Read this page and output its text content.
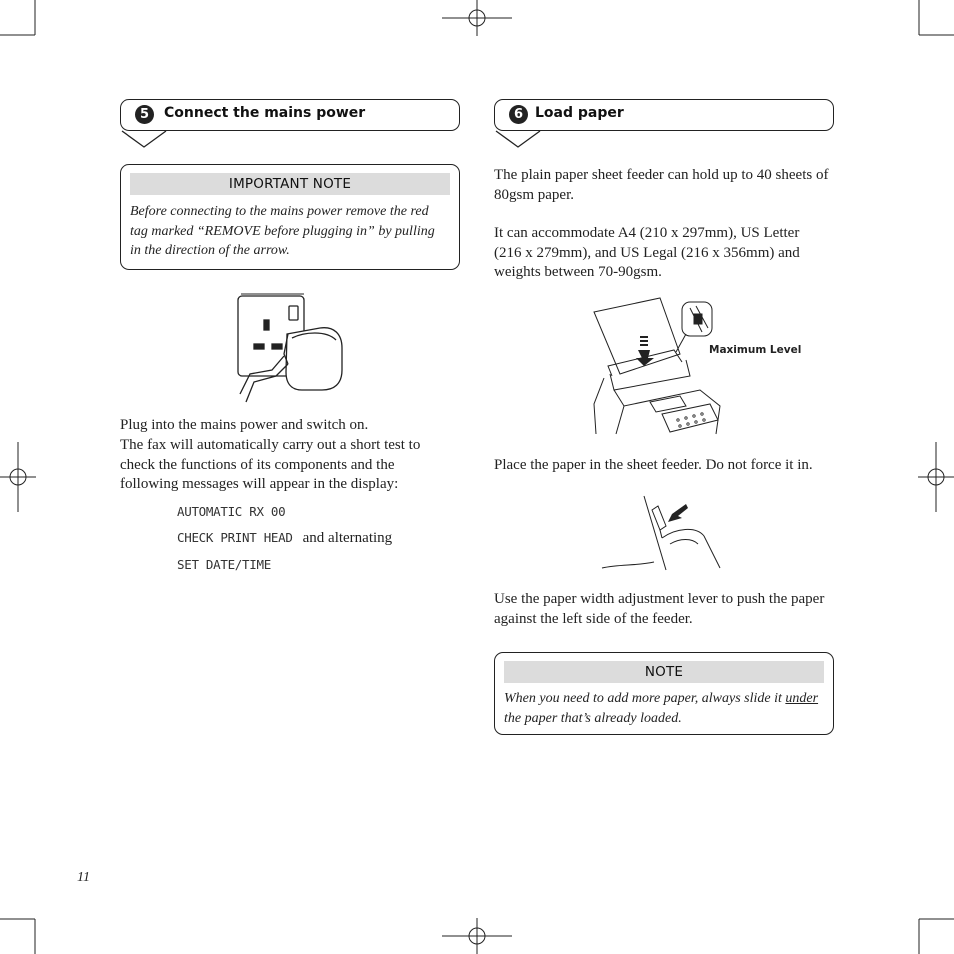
5	Connect the mains power
IMPORTANT NOTE
Before connecting to the mains power remove the red tag marked “REMOVE before plugging in” by pulling in the direction of the arrow.
Plug into the mains power and switch on.
The fax will automatically carry out a short test to check the functions of its components and the following messages will appear in the display:
AUTOMATIC RX 00
CHECK PRINT HEAD and alternating
SET DATE/TIME
6 Load paper
The plain paper sheet feeder can hold up to 40 sheets of 80gsm paper.
It can accommodate A4 (210 x 297mm), US Letter (216 x 279mm), and US Legal (216 x 356mm) and weights between 70-90gsm.
Maximum Level
Place the paper in the sheet feeder. Do not force it in.
Use the paper width adjustment lever to push the paper against the left side of the feeder.
NOTE
When you need to add more paper, always slide it under the paper that’s already loaded.
11
